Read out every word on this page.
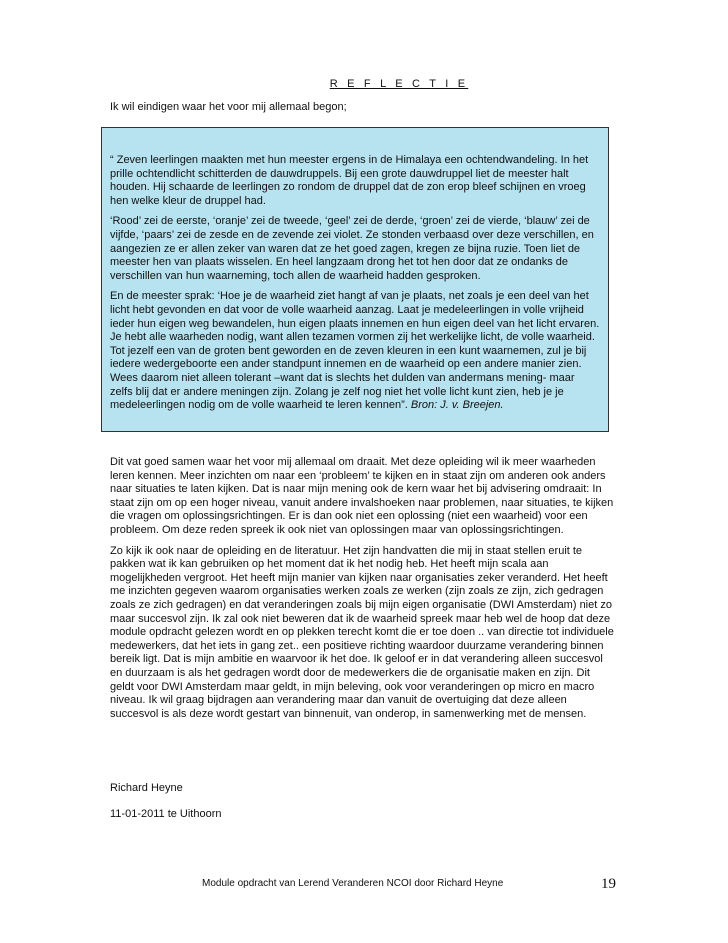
R E F L E C T I E
Ik wil eindigen waar het voor mij allemaal begon;

“ Zeven leerlingen maakten met hun meester ergens in de Himalaya een ochtendwandeling. In het prille ochtendlicht schitterden de dauwdruppels. Bij een grote dauwdruppel liet de meester halt houden. Hij schaarde de leerlingen zo rondom de druppel dat de zon erop bleef schijnen en vroeg hen welke kleur de druppel had.

‘Rood’ zei de eerste, ‘oranje’ zei de tweede, ‘geel’ zei de derde, ‘groen’ zei de vierde, ‘blauw’ zei de vijfde, ‘paars’ zei de zesde en de zevende zei violet. Ze stonden verbaasd over deze verschillen, en aangezien ze er allen zeker van waren dat ze het goed zagen, kregen ze bijna ruzie. Toen liet de meester hen van plaats wisselen. En heel langzaam drong het tot hen door dat ze ondanks de verschillen van hun waarneming, toch allen de waarheid hadden gesproken.

En de meester sprak: ‘Hoe je de waarheid ziet hangt af van je plaats, net zoals je een deel van het licht hebt gevonden en dat voor de volle waarheid aanzag. Laat je medeleerlingen in volle vrijheid ieder hun eigen weg bewandelen, hun eigen plaats innemen en hun eigen deel van het licht ervaren. Je hebt alle waarheden nodig, want allen tezamen vormen zij het werkelijke licht, de volle waarheid. Tot jezelf een van de groten bent geworden en de zeven kleuren in een kunt waarnemen, zul je bij iedere wedergeboorte een ander standpunt innemen en de waarheid op een andere manier zien. Wees daarom niet alleen tolerant –want dat is slechts het dulden van andermans mening- maar zelfs blij dat er andere meningen zijn. Zolang je zelf nog niet het volle licht kunt zien, heb je je medeleerlingen nodig om de volle waarheid te leren kennen”. Bron: J. v. Breejen.

Dit vat goed samen waar het voor mij allemaal om draait. Met deze opleiding wil ik meer waarheden leren kennen. Meer inzichten om naar een ‘probleem’ te kijken en in staat zijn om anderen ook anders naar situaties te laten kijken. Dat is naar mijn mening ook de kern waar het bij advisering omdraait: In staat zijn om op een hoger niveau, vanuit andere invalshoeken naar problemen, naar situaties, te kijken die vragen om oplossingsrichtingen. Er is dan ook niet een oplossing (niet een waarheid) voor een probleem. Om deze reden spreek ik ook niet van oplossingen maar van oplossingsrichtingen.

Zo kijk ik ook naar de opleiding en de literatuur. Het zijn handvatten die mij in staat stellen eruit te pakken wat ik kan gebruiken op het moment dat ik het nodig heb. Het heeft mijn scala aan mogelijkheden vergroot. Het heeft mijn manier van kijken naar organisaties zeker veranderd. Het heeft me inzichten gegeven waarom organisaties werken zoals ze werken (zijn zoals ze zijn, zich gedragen zoals ze zich gedragen) en dat veranderingen zoals bij mijn eigen organisatie (DWI Amsterdam) niet zo maar succesvol zijn. Ik zal ook niet beweren dat ik de waarheid spreek maar heb wel de hoop dat deze module opdracht gelezen wordt en op plekken terecht komt die er toe doen .. van directie tot individuele medewerkers, dat het iets in gang zet.. een positieve richting waardoor duurzame verandering binnen bereik ligt. Dat is mijn ambitie en waarvoor ik het doe. Ik geloof er in dat verandering alleen succesvol en duurzaam is als het gedragen wordt door de medewerkers die de organisatie maken en zijn. Dit geldt voor DWI Amsterdam maar geldt, in mijn beleving, ook voor veranderingen op micro en macro niveau. Ik wil graag bijdragen aan verandering maar dan vanuit de overtuiging dat deze alleen succesvol is als deze wordt gestart van binnenuit, van onderop, in samenwerking met de mensen.

Richard Heyne
11-01-2011 te Uithoorn
Module opdracht van Lerend Veranderen NCOI door Richard Heyne	19
